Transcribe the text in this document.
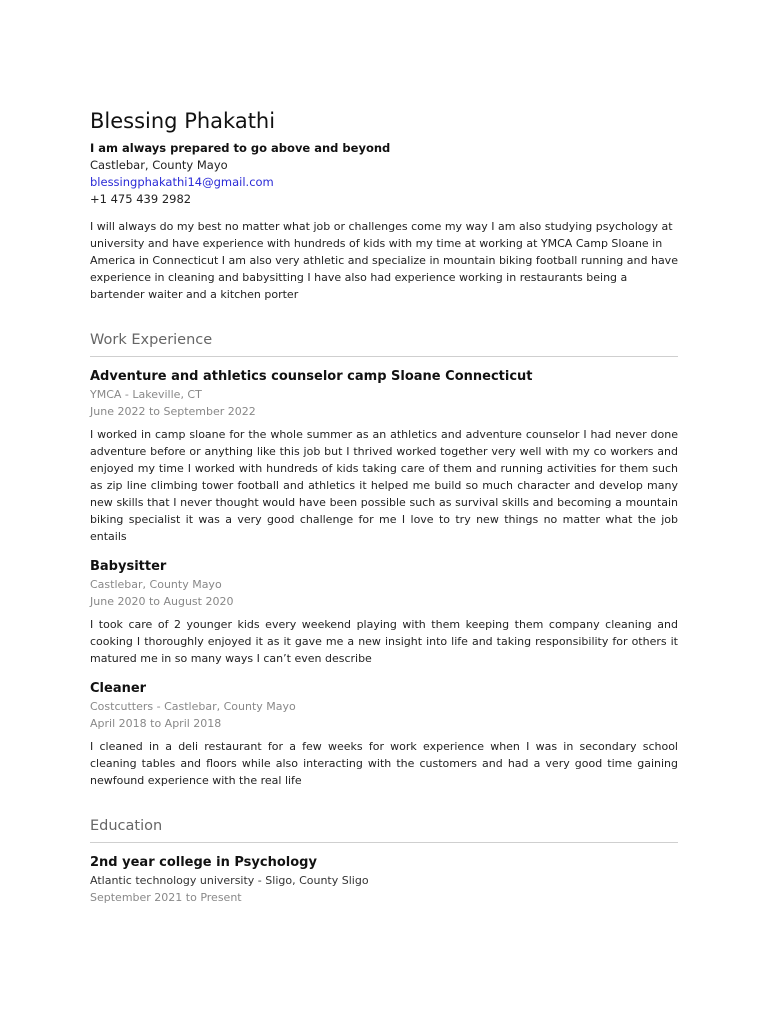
Blessing Phakathi
I am always prepared to go above and beyond
Castlebar, County Mayo
blessingphakathi14@gmail.com
+1 475 439 2982
I will always do my best no matter what job or challenges come my way I am also studying psychology at university and have experience with hundreds of kids with my time at working at YMCA Camp Sloane in America in Connecticut I am also very athletic and specialize in mountain biking football running and have experience in cleaning and babysitting I have also had experience working in restaurants being a bartender waiter and a kitchen porter
Work Experience
Adventure and athletics counselor camp Sloane Connecticut
YMCA - Lakeville, CT
June 2022 to September 2022
I worked in camp sloane for the whole summer as an athletics and adventure counselor I had never done adventure before or anything like this job but I thrived worked together very well with my co workers and enjoyed my time I worked with hundreds of kids taking care of them and running activities for them such as zip line climbing tower football and athletics it helped me build so much character and develop many new skills that I never thought would have been possible such as survival skills and becoming a mountain biking specialist it was a very good challenge for me I love to try new things no matter what the job entails
Babysitter
Castlebar, County Mayo
June 2020 to August 2020
I took care of 2 younger kids every weekend playing with them keeping them company cleaning and cooking I thoroughly enjoyed it as it gave me a new insight into life and taking responsibility for others it matured me in so many ways I can’t even describe
Cleaner
Costcutters - Castlebar, County Mayo
April 2018 to April 2018
I cleaned in a deli restaurant for a few weeks for work experience when I was in secondary school cleaning tables and floors while also interacting with the customers and had a very good time gaining newfound experience with the real life
Education
2nd year college in Psychology
Atlantic technology university - Sligo, County Sligo
September 2021 to Present
